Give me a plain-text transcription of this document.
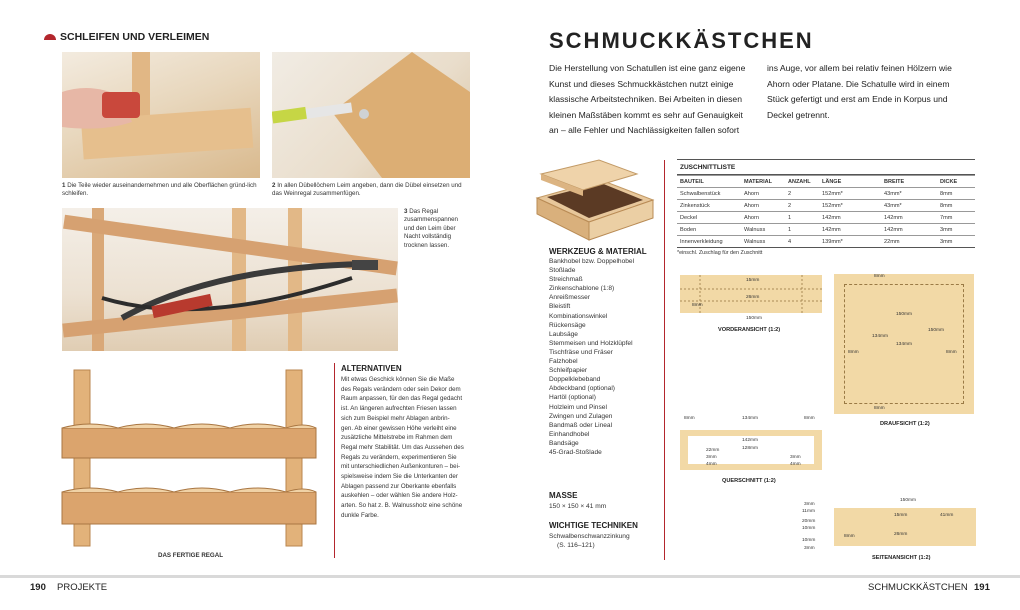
SCHLEIFEN UND VERLEIMEN
1 Die Teile wieder auseinandernehmen und alle Oberflächen gründ-lich schleifen.
2 In allen Dübellöchern Leim angeben, dann die Dübel einsetzen und das Weinregal zusammenfügen.
3 Das Regal zusammenspannen und den Leim über Nacht vollständig trocknen lassen.
DAS FERTIGE REGAL
ALTERNATIVEN
Mit etwas Geschick können Sie die Maße
des Regals verändern oder sein Dekor dem
Raum anpassen, für den das Regal gedacht
ist. An längeren aufrechten Friesen lassen
sich zum Beispiel mehr Ablagen anbrin-
gen. Ab einer gewissen Höhe verleiht eine
zusätzliche Mittelstrebe im Rahmen dem
Regal mehr Stabilität. Um das Aussehen des
Regals zu verändern, experimentieren Sie
mit unterschiedlichen Außenkonturen – bei-
spielsweise indem Sie die Unterkanten der
Ablagen passend zur Oberkante ebenfalls
auskehlen – oder wählen Sie andere Holz-
arten. So hat z. B. Walnussholz eine schöne
dunkle Farbe.
190 PROJEKTE
SCHMUCKKÄSTCHEN
Die Herstellung von Schatullen ist eine ganz eigene
Kunst und dieses Schmuckkästchen nutzt einige
klassische Arbeitstechniken. Bei Arbeiten in diesen
kleinen Maßstäben kommt es sehr auf Genauigkeit
an – alle Fehler und Nachlässigkeiten fallen sofort
ins Auge, vor allem bei relativ feinen Hölzern wie
Ahorn oder Platane. Die Schatulle wird in einem
Stück gefertigt und erst am Ende in Korpus und
Deckel getrennt.
WERKZEUG & MATERIAL
Bankhobel bzw. Doppelhobel
Stoßlade
Streichmaß
Zinkenschablone (1:8)
Anreißmesser
Bleistift
Kombinationswinkel
Rückensäge
Laubsäge
Stemmeisen und Holzklüpfel
Tischfräse und Fräser
Falzhobel
Schleifpapier
Doppelklebeband
Abdeckband (optional)
Hartöl (optional)
Holzleim und Pinsel
Zwingen und Zulagen
Bandmaß oder Lineal
Einhandhobel
Bandsäge
45-Grad-Stoßlade
MASSE
150 × 150 × 41 mm
WICHTIGE TECHNIKEN
Schwalbenschwanzzinkung
(S. 116–121)
ZUSCHNITTLISTE
BAUTEIL	MATERIAL	ANZAHL	LÄNGE	BREITE	DICKE
Schwalbenstück	Ahorn	2	152mm*	43mm*	8mm
Zinkenstück	Ahorn	2	152mm*	43mm*	8mm
Deckel	Ahorn	1	142mm	142mm	7mm
Boden	Walnuss	1	142mm	142mm	3mm
Innenverkleidung	Walnuss	4	139mm*	22mm	3mm
*einschl. Zuschlag für den Zuschnitt
15mm
26mm
8mm
150mm
VORDERANSICHT (1:2)
8mm
150mm
134mm
134mm
150mm
8mm	8mm
8mm
DRAUFSICHT (1:2)
8mm	134mm	8mm
142mm
128mm
22mm
3mm
4mm
3mm
4mm
QUERSCHNITT (1:2)
150mm
3mm
11mm
15mm	41mm
20mm
10mm
8mm	26mm
10mm
3mm
SEITENANSICHT (1:2)
SCHMUCKKÄSTCHEN 191
